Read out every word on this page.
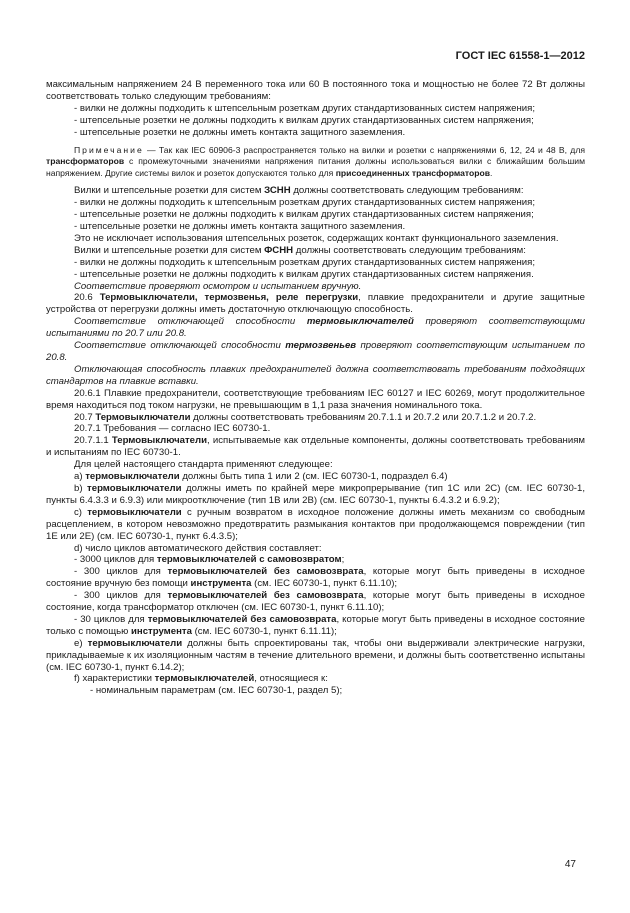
ГОСТ IEC 61558-1—2012
максимальным напряжением 24 В переменного тока или 60 В постоянного тока и мощностью не более 72 Вт должны соответствовать только следующим требованиям:
- вилки не должны подходить к штепсельным розеткам других стандартизованных систем напряжения;
- штепсельные розетки не должны подходить к вилкам других стандартизованных систем напряжения;
- штепсельные розетки не должны иметь контакта защитного заземления.
Примечание — Так как IEC 60906-3 распространяется только на вилки и розетки с напряжениями 6, 12, 24 и 48 В, для трансформаторов с промежуточными значениями напряжения питания должны использоваться вилки с ближайшим большим напряжением. Другие системы вилок и розеток допускаются только для присоединенных трансформаторов.
Вилки и штепсельные розетки для систем ЗСНН должны соответствовать следующим требованиям:
- вилки не должны подходить к штепсельным розеткам других стандартизованных систем напряжения;
- штепсельные розетки не должны подходить к вилкам других стандартизованных систем напряжения;
- штепсельные розетки не должны иметь контакта защитного заземления.
Это не исключает использования штепсельных розеток, содержащих контакт функционального заземления.
Вилки и штепсельные розетки для систем ФСНН должны соответствовать следующим требованиям:
- вилки не должны подходить к штепсельным розеткам других стандартизованных систем напряжения;
- штепсельные розетки не должны подходить к вилкам других стандартизованных систем напряжения.
Соответствие проверяют осмотром и испытанием вручную.
20.6 Термовыключатели, термозвенья, реле перегрузки, плавкие предохранители и другие защитные устройства от перегрузки должны иметь достаточную отключающую способность.
Соответствие отключающей способности термовыключателей проверяют соответствующими испытаниями по 20.7 или 20.8.
Соответствие отключающей способности термозвеньев проверяют соответствующим испытанием по 20.8.
Отключающая способность плавких предохранителей должна соответствовать требованиям подходящих стандартов на плавкие вставки.
20.6.1 Плавкие предохранители, соответствующие требованиям IEC 60127 и IEC 60269, могут продолжительное время находиться под током нагрузки, не превышающим в 1,1 раза значения номинального тока.
20.7 Термовыключатели должны соответствовать требованиям 20.7.1.1 и 20.7.2 или 20.7.1.2 и 20.7.2.
20.7.1 Требования — согласно IEC 60730-1.
20.7.1.1 Термовыключатели, испытываемые как отдельные компоненты, должны соответствовать требованиям и испытаниям по IEC 60730-1.
Для целей настоящего стандарта применяют следующее:
a) термовыключатели должны быть типа 1 или 2 (см. IEC 60730-1, подраздел 6.4)
b) термовыключатели должны иметь по крайней мере микропрерывание (тип 1C или 2C) (см. IEC 60730-1, пункты 6.4.3.3 и 6.9.3) или микроотключение (тип 1B или 2B) (см. IEC 60730-1, пункты 6.4.3.2 и 6.9.2);
c) термовыключатели с ручным возвратом в исходное положение должны иметь механизм со свободным расцеплением, в котором невозможно предотвратить размыкания контактов при продолжающемся повреждении (тип 1E или 2E) (см. IEC 60730-1, пункт 6.4.3.5);
d) число циклов автоматического действия составляет:
- 3000 циклов для термовыключателей с самовозвратом;
- 300 циклов для термовыключателей без самовозврата, которые могут быть приведены в исходное состояние вручную без помощи инструмента (см. IEC 60730-1, пункт 6.11.10);
- 300 циклов для термовыключателей без самовозврата, которые могут быть приведены в исходное состояние, когда трансформатор отключен (см. IEC 60730-1, пункт 6.11.10);
- 30 циклов для термовыключателей без самовозврата, которые могут быть приведены в исходное состояние только с помощью инструмента (см. IEC 60730-1, пункт 6.11.11);
e) термовыключатели должны быть спроектированы так, чтобы они выдерживали электрические нагрузки, прикладываемые к их изоляционным частям в течение длительного времени, и должны быть соответственно испытаны (см. IEC 60730-1, пункт 6.14.2);
f) характеристики термовыключателей, относящиеся к:
- номинальным параметрам (см. IEC 60730-1, раздел 5);
47
